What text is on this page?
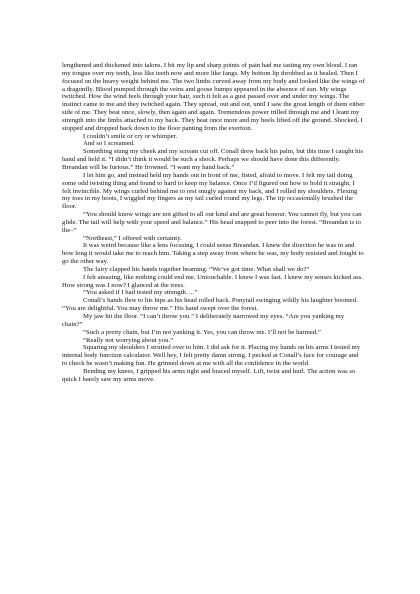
lengthened and thickened into talons. I bit my lip and sharp points of pain had me tasting my own blood. I ran my tongue over my teeth, less like teeth now and more like fangs. My bottom lip throbbed as it healed. Then I focused on the heavy weight behind me. The two limbs curved away from my body and looked like the wings of a dragonfly. Blood pumped through the veins and goose bumps appeared in the absence of sun. My wings twitched. How the wind feels through your hair, such it felt as a gust passed over and under my wings. The instinct came to me and they twitched again. They spread, out and out, until I saw the great length of them either side of me. They beat once, slowly, then again and again. Tremendous power trilled through me and I leant my strength into the limbs attached to my back. They beat once more and my heels lifted off the ground. Shocked, I stopped and dropped back down to the floor panting from the exertion.

I couldn’t smile or cry or whimper.

And so I screamed.

Something stung my cheek and my scream cut off. Conall drew back his palm, but this time I caught his hand and held it. “I didn’t think it would be such a shock. Perhaps we should have done this differently. Breandan will be furious.” He frowned. “I want my hand back.”

I let him go, and instead held my hands out in front of me, fisted, afraid to move. I felt my tail doing some odd twisting thing and found to hard to keep my balance. Once I’d figured out how to hold it straight, I felt invincible. My wings curled behind me to rest snugly against my back, and I rolled my shoulders. Flexing my toes in my boots, I wiggled my fingers as my tail curled round my legs. The tip occasionally brushed the floor.

“You should know wings are not gifted to all our kind and are great honour. You cannot fly, but you can glide. The tail will help with your speed and balance.” His head snapped to peer into the forest. “Breandan is to the–”

“Northeast,” I offered with certainty.

It was weird because like a lens focusing, I could sense Breandan. I knew the direction he was in and how long it would take me to reach him. Taking a step away from where he was, my body resisted and fought to go the other way.

The fairy clapped his hands together beaming. “We’ve got time. What shall we do?”

I felt amazing, like nothing could end me. Untouchable. I knew I was fast. I knew my senses kicked ass. How strong was I now? I glanced at the trees.

“You asked if I had tested my strength….”

Conall’s hands flew to his hips as his head rolled back. Ponytail swinging wildly his laughter boomed. “You are delightful. You may throw me.” His hand swept over the forest.

My jaw hit the floor. “I can’t throw you.” I deliberately narrowed my eyes. “Are you yanking my chain?”

“Such a pretty chain, but I’m not yanking it. Yes, you can throw me. I’ll not be harmed.”

“Really not worrying about you.”

Squaring my shoulders I strutted over to him. I did ask for it. Placing my hands on his arms I tested my internal body function calculator. Well hey, I felt pretty damn strong. I pecked at Conall’s face for courage and to check he wasn’t making fun. He grinned down at me with all the confidence in the world.

Bending my knees, I gripped his arms tight and braced myself. Lift, twist and hurl. The action was so quick I barely saw my arms move.
